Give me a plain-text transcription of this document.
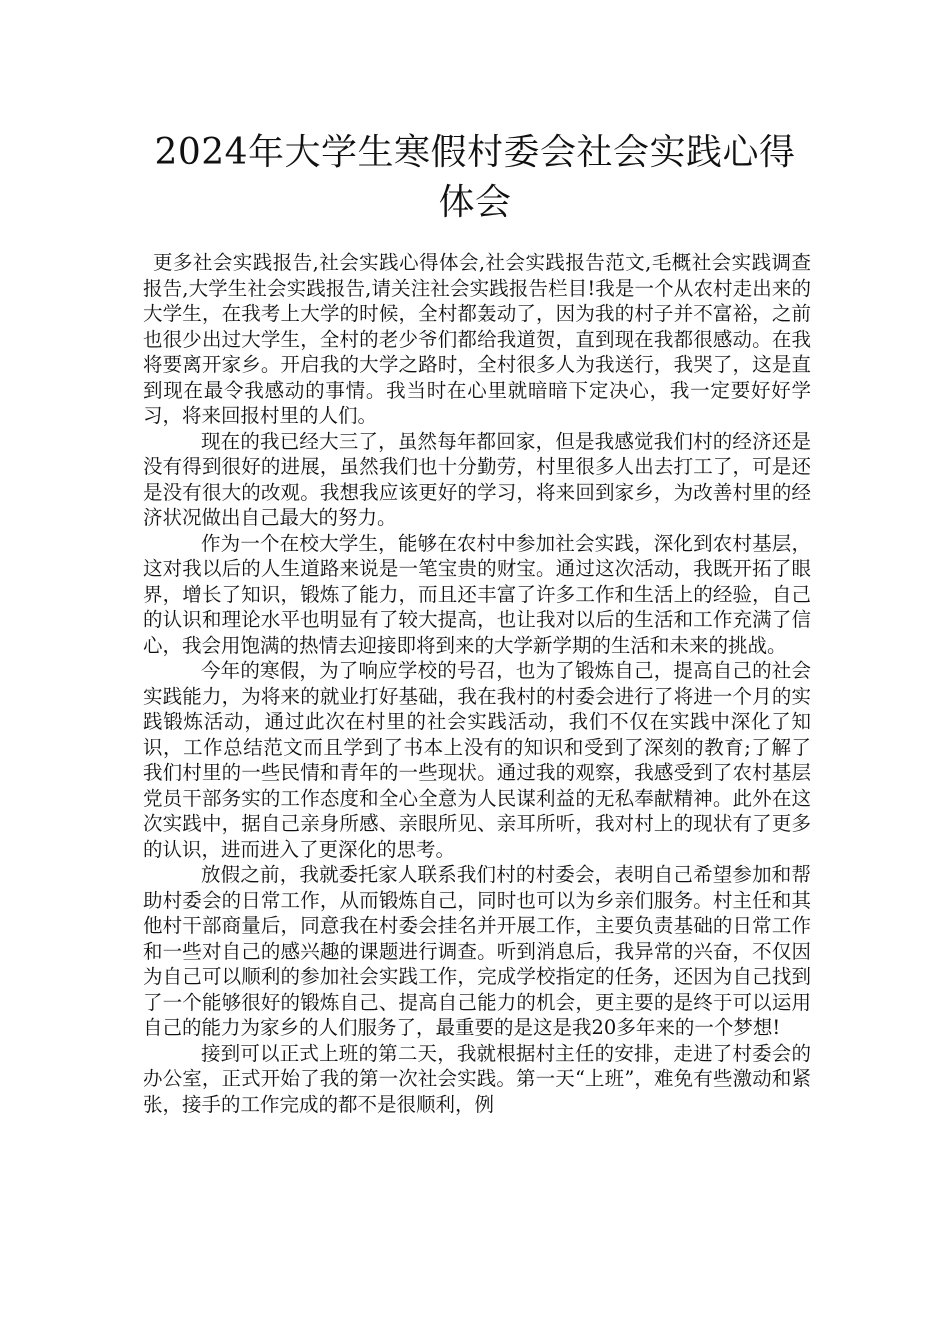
2024年大学生寒假村委会社会实践心得体会

更多社会实践报告,社会实践心得体会,社会实践报告范文,毛概社会实践调查报告,大学生社会实践报告,请关注社会实践报告栏目!我是一个从农村走出来的大学生，在我考上大学的时候，全村都轰动了，因为我的村子并不富裕，之前也很少出过大学生，全村的老少爷们都给我道贺，直到现在我都很感动。在我将要离开家乡。开启我的大学之路时，全村很多人为我送行，我哭了，这是直到现在最令我感动的事情。我当时在心里就暗暗下定决心，我一定要好好学习，将来回报村里的人们。

现在的我已经大三了，虽然每年都回家，但是我感觉我们村的经济还是没有得到很好的进展，虽然我们也十分勤劳，村里很多人出去打工了，可是还是没有很大的改观。我想我应该更好的学习，将来回到家乡，为改善村里的经济状况做出自己最大的努力。

作为一个在校大学生，能够在农村中参加社会实践，深化到农村基层，这对我以后的人生道路来说是一笔宝贵的财宝。通过这次活动，我既开拓了眼界，增长了知识，锻炼了能力，而且还丰富了许多工作和生活上的经验，自己的认识和理论水平也明显有了较大提高，也让我对以后的生活和工作充满了信心，我会用饱满的热情去迎接即将到来的大学新学期的生活和未来的挑战。

今年的寒假，为了响应学校的号召，也为了锻炼自己，提高自己的社会实践能力，为将来的就业打好基础，我在我村的村委会进行了将进一个月的实践锻炼活动，通过此次在村里的社会实践活动，我们不仅在实践中深化了知识，工作总结范文而且学到了书本上没有的知识和受到了深刻的教育;了解了我们村里的一些民情和青年的一些现状。通过我的观察，我感受到了农村基层党员干部务实的工作态度和全心全意为人民谋利益的无私奉献精神。此外在这次实践中，据自己亲身所感、亲眼所见、亲耳所听，我对村上的现状有了更多的认识，进而进入了更深化的思考。

放假之前，我就委托家人联系我们村的村委会，表明自己希望参加和帮助村委会的日常工作，从而锻炼自己，同时也可以为乡亲们服务。村主任和其他村干部商量后，同意我在村委会挂名并开展工作，主要负责基础的日常工作和一些对自己的感兴趣的课题进行调查。听到消息后，我异常的兴奋，不仅因为自己可以顺利的参加社会实践工作，完成学校指定的任务，还因为自己找到了一个能够很好的锻炼自己、提高自己能力的机会，更主要的是终于可以运用自己的能力为家乡的人们服务了，最重要的是这是我20多年来的一个梦想!

接到可以正式上班的第二天，我就根据村主任的安排，走进了村委会的办公室，正式开始了我的第一次社会实践。第一天“上班”，难免有些激动和紧张，接手的工作完成的都不是很顺利，例
